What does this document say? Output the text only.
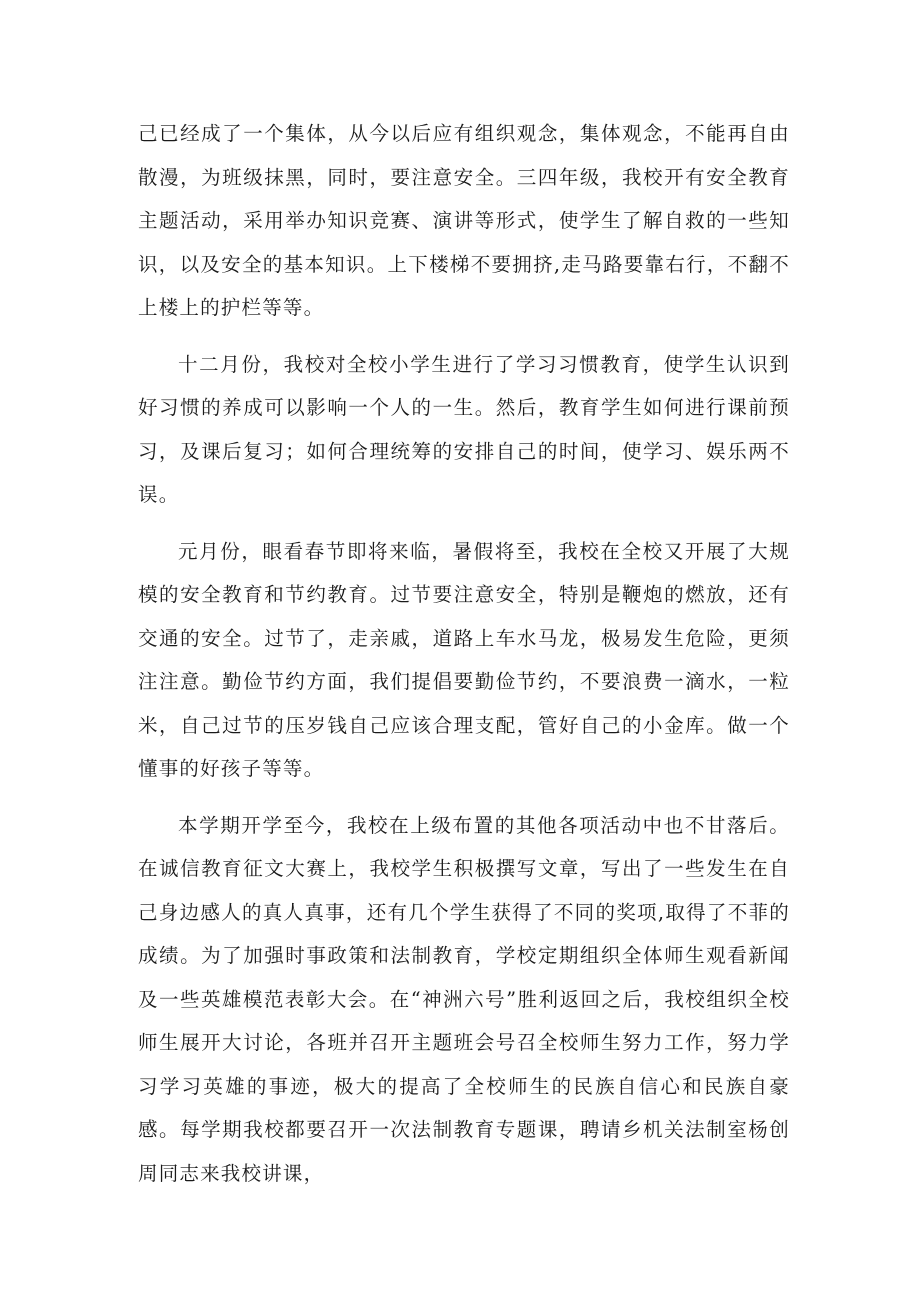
己已经成了一个集体，从今以后应有组织观念，集体观念，不能再自由散漫，为班级抹黑，同时，要注意安全。三四年级，我校开有安全教育主题活动，采用举办知识竞赛、演讲等形式，使学生了解自救的一些知识，以及安全的基本知识。上下楼梯不要拥挤,走马路要靠右行，不翻不上楼上的护栏等等。

十二月份，我校对全校小学生进行了学习习惯教育，使学生认识到好习惯的养成可以影响一个人的一生。然后，教育学生如何进行课前预习，及课后复习；如何合理统筹的安排自己的时间，使学习、娱乐两不误。

元月份，眼看春节即将来临，暑假将至，我校在全校又开展了大规模的安全教育和节约教育。过节要注意安全，特别是鞭炮的燃放，还有交通的安全。过节了，走亲戚，道路上车水马龙，极易发生危险，更须注注意。勤俭节约方面，我们提倡要勤俭节约，不要浪费一滴水，一粒米，自己过节的压岁钱自己应该合理支配，管好自己的小金库。做一个懂事的好孩子等等。

本学期开学至今，我校在上级布置的其他各项活动中也不甘落后。在诚信教育征文大赛上，我校学生积极撰写文章，写出了一些发生在自己身边感人的真人真事，还有几个学生获得了不同的奖项,取得了不菲的成绩。为了加强时事政策和法制教育，学校定期组织全体师生观看新闻及一些英雄模范表彰大会。在“神洲六号”胜利返回之后，我校组织全校师生展开大讨论，各班并召开主题班会号召全校师生努力工作，努力学习学习英雄的事迹，极大的提高了全校师生的民族自信心和民族自豪感。每学期我校都要召开一次法制教育专题课，聘请乡机关法制室杨创周同志来我校讲课，
